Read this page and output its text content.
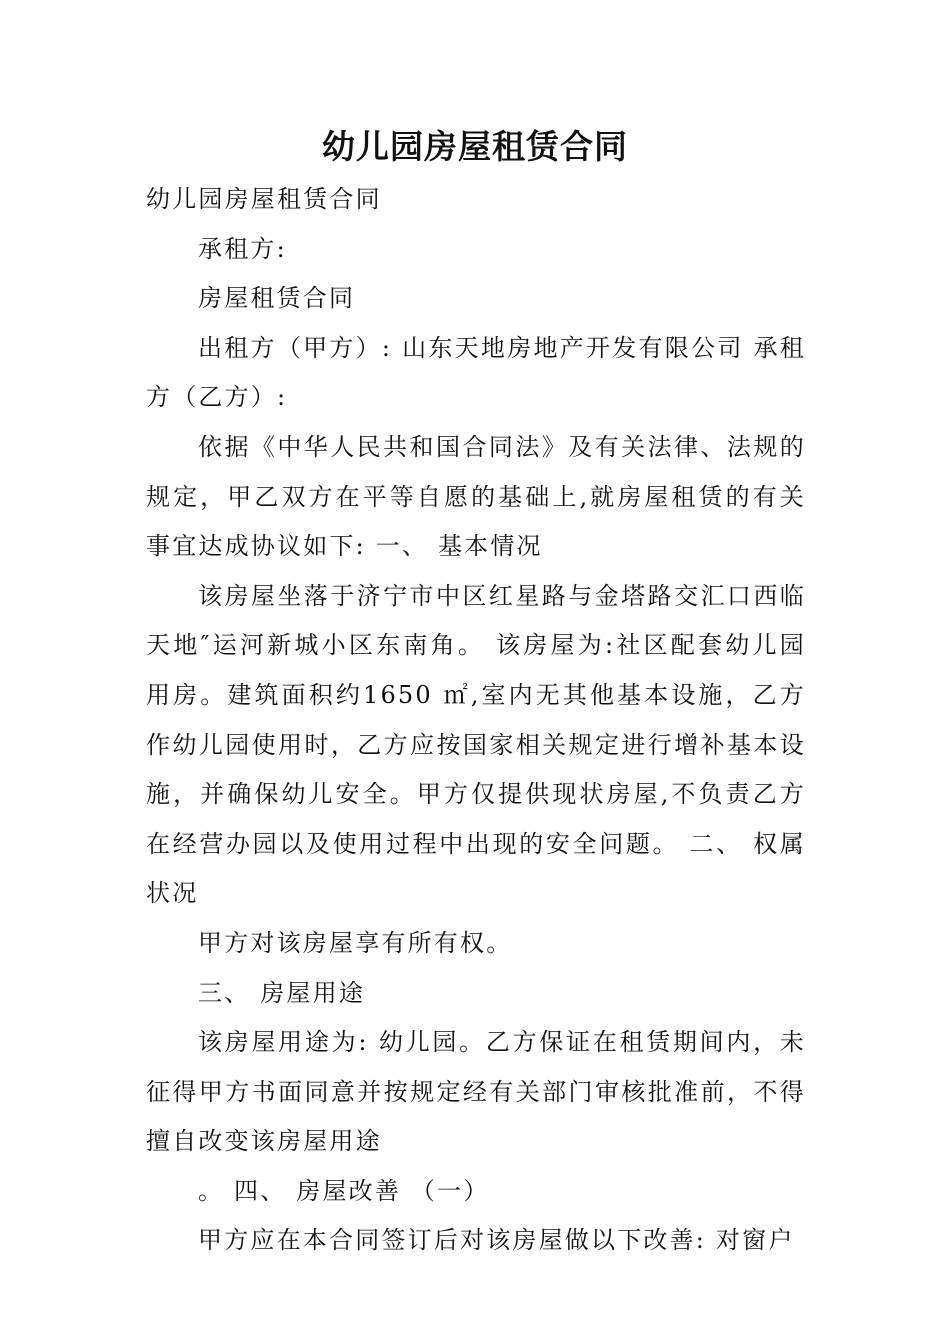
幼儿园房屋租赁合同

幼儿园房屋租赁合同

承租方:

房屋租赁合同

出租方（甲方）: 山东天地房地产开发有限公司 承租方（乙方）:

依据《中华人民共和国合同法》及有关法律、法规的规定，甲乙双方在平等自愿的基础上,就房屋租赁的有关事宜达成协议如下: 一、 基本情况

该房屋坐落于济宁市中区红星路与金塔路交汇口西临天地″运河新城小区东南角。 该房屋为:社区配套幼儿园用房。建筑面积约1650 ㎡,室内无其他基本设施，乙方作幼儿园使用时，乙方应按国家相关规定进行增补基本设施，并确保幼儿安全。甲方仅提供现状房屋,不负责乙方在经营办园以及使用过程中出现的安全问题。 二、 权属状况

甲方对该房屋享有所有权。

三、 房屋用途

该房屋用途为: 幼儿园。乙方保证在租赁期间内，未征得甲方书面同意并按规定经有关部门审核批准前，不得擅自改变该房屋用途

。 四、 房屋改善 （一）

甲方应在本合同签订后对该房屋做以下改善: 对窗户
